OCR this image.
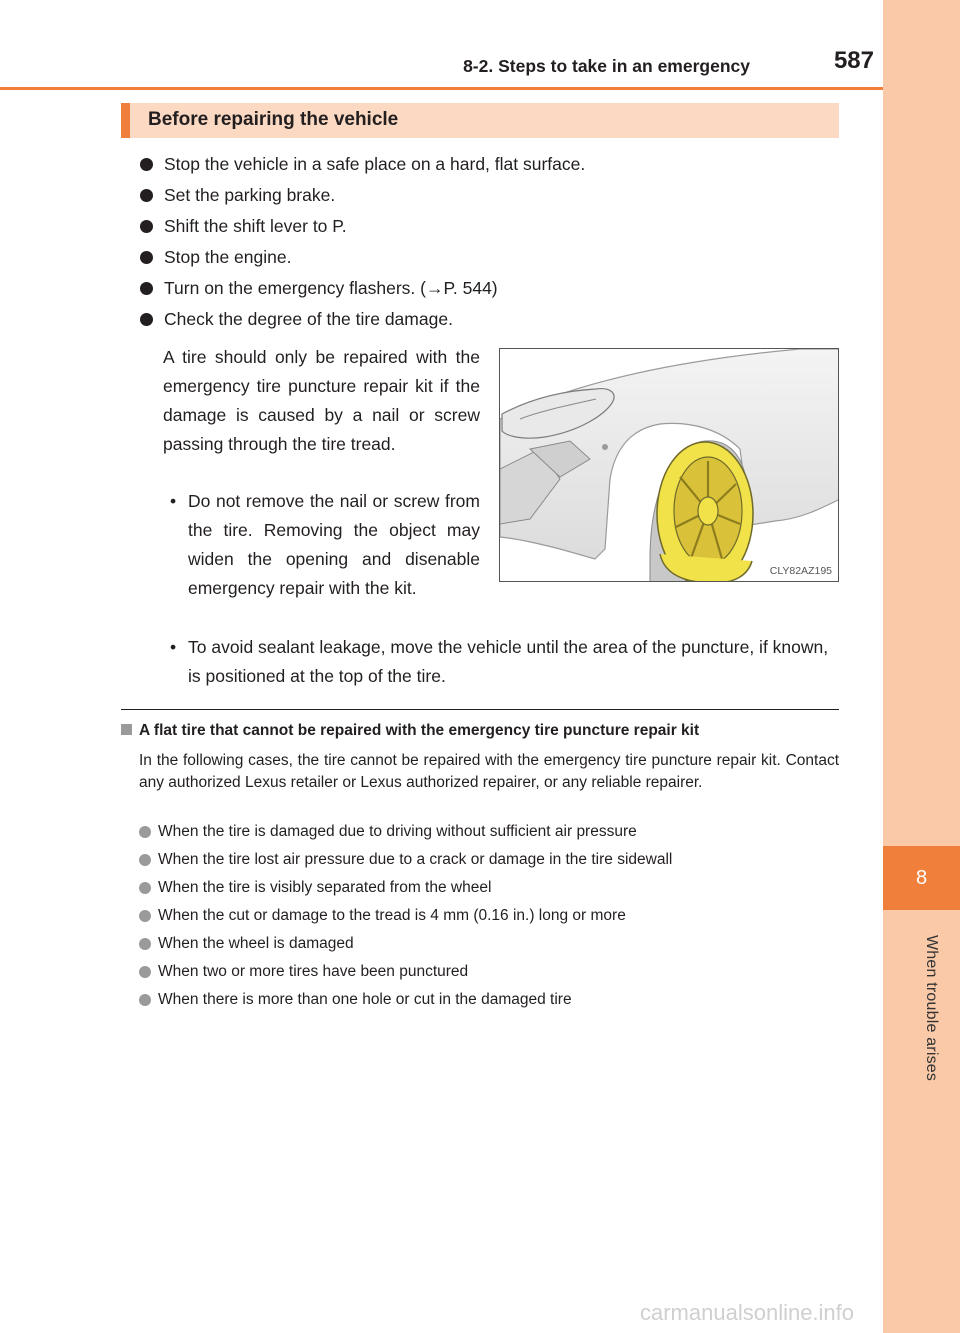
8
When trouble arises
8-2. Steps to take in an emergency	587
Before repairing the vehicle
Stop the vehicle in a safe place on a hard, flat surface.
Set the parking brake.
Shift the shift lever to P.
Stop the engine.
Turn on the emergency flashers. (→P. 544)
Check the degree of the tire damage.
A tire should only be repaired with the emergency tire puncture repair kit if the damage is caused by a nail or screw passing through the tire tread.
• Do not remove the nail or screw from the tire. Removing the object may widen the opening and disenable emergency repair with the kit.
• To avoid sealant leakage, move the vehicle until the area of the puncture, if known, is positioned at the top of the tire.
CLY82AZ195
A flat tire that cannot be repaired with the emergency tire puncture repair kit
In the following cases, the tire cannot be repaired with the emergency tire puncture repair kit. Contact any authorized Lexus retailer or Lexus authorized repairer, or any reliable repairer.
When the tire is damaged due to driving without sufficient air pressure
When the tire lost air pressure due to a crack or damage in the tire sidewall
When the tire is visibly separated from the wheel
When the cut or damage to the tread is 4 mm (0.16 in.) long or more
When the wheel is damaged
When two or more tires have been punctured
When there is more than one hole or cut in the damaged tire
carmanualsonline.info
